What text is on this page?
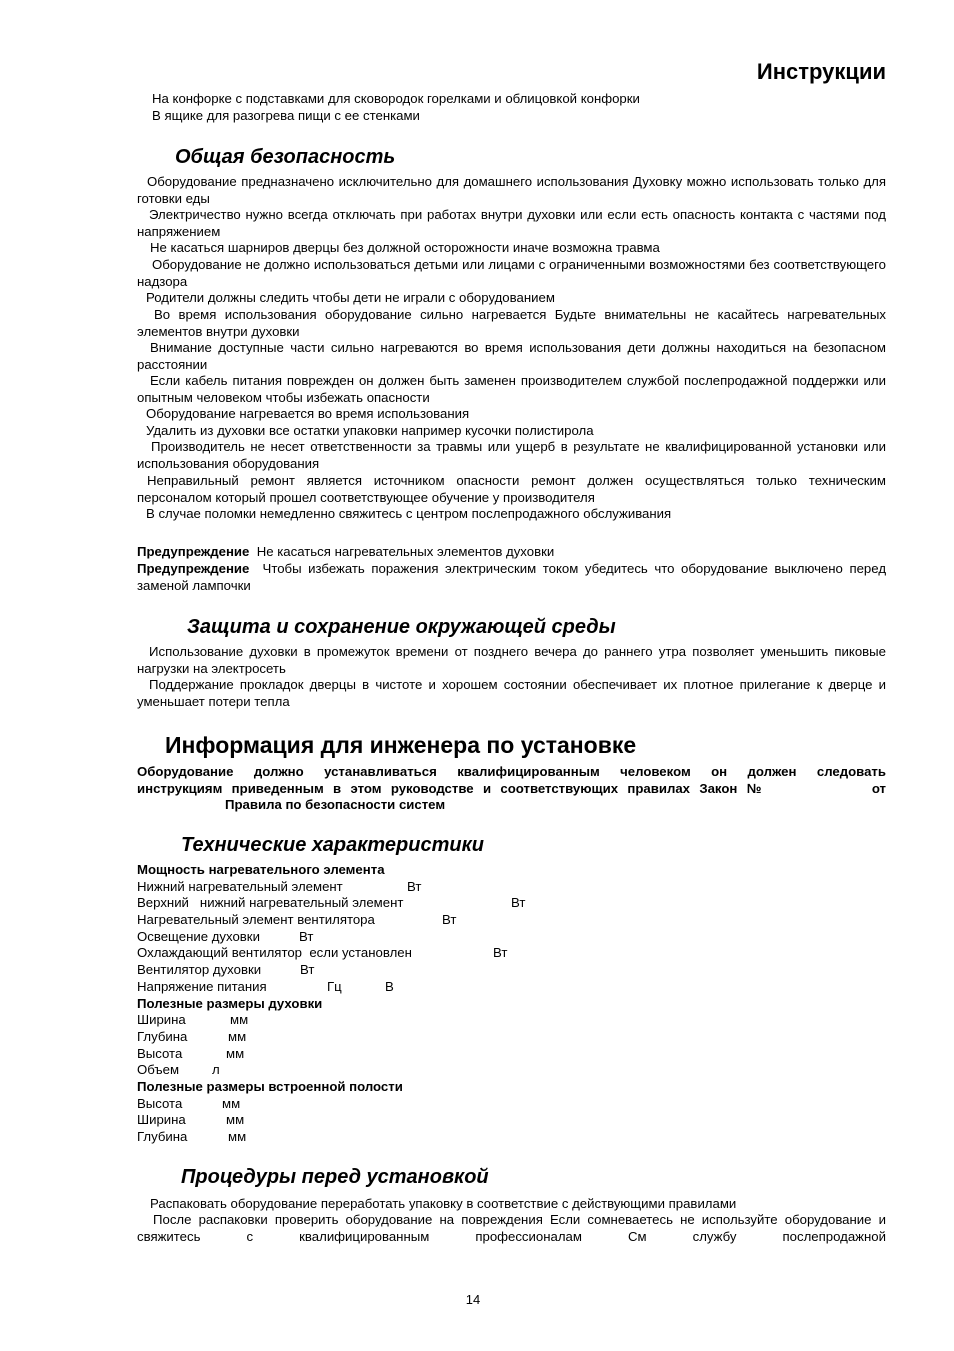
Инструкции

На конфорке с подставками для сковородок горелками и облицовкой конфорки

В ящике для разогрева пищи с ее стенками

Общая безопасность

Оборудование предназначено исключительно для домашнего использования Духовку можно использовать только для готовки еды

Электричество нужно всегда отключать при работах внутри духовки или если есть опасность контакта с частями под напряжением

Не касаться шарниров дверцы без должной осторожности иначе возможна травма

Оборудование не должно использоваться детьми или лицами с ограниченными возможностями без соответствующего надзора

Родители должны следить чтобы дети не играли с оборудованием

Во время использования оборудование сильно нагревается Будьте внимательны не касайтесь нагревательных элементов внутри духовки

Внимание доступные части сильно нагреваются во время использования дети должны находиться на безопасном расстоянии

Если кабель питания поврежден он должен быть заменен производителем службой послепродажной поддержки или опытным человеком чтобы избежать опасности

Оборудование нагревается во время использования

Удалить из духовки все остатки упаковки например кусочки полистирола

Производитель не несет ответственности за травмы или ущерб в результате не квалифицированной установки или использования оборудования

Неправильный ремонт является источником опасности ремонт должен осуществляться только техническим персоналом который прошел соответствующее обучение у производителя

В случае поломки немедленно свяжитесь с центром послепродажного обслуживания

Предупреждение Не касаться нагревательных элементов духовки

Предупреждение Чтобы избежать поражения электрическим током убедитесь что оборудование выключено перед заменой лампочки

Защита и сохранение окружающей среды

Использование духовки в промежуток времени от позднего вечера до раннего утра позволяет уменьшить пиковые нагрузки на электросеть

Поддержание прокладок дверцы в чистоте и хорошем состоянии обеспечивает их плотное прилегание к дверце и уменьшает потери тепла

Информация для инженера по установке
Оборудование должно устанавливаться квалифицированным человеком он должен следовать
инструкциям  приведенным  в  этом  руководстве  и  соответствующих  правилах  Закон  №	от
Правила по безопасности систем
Технические характеристики
Мощность нагревательного элемента
Нижний нагревательный элемент	Вт
Верхний   нижний нагревательный элемент	Вт
Нагревательный элемент вентилятора	Вт
Освещение духовки	Вт
Охлаждающий вентилятор  если установлен	Вт
Вентилятор духовки	Вт
Напряжение питания	Гц	В
Полезные размеры духовки
Ширина	мм
Глубина	мм
Высота	мм
Объем л
Полезные размеры встроенной полости
Высота	мм
Ширина	мм
Глубина	мм
Процедуры перед установкой

Распаковать оборудование переработать упаковку в соответствие с действующими правилами

После распаковки проверить оборудование на повреждения Если сомневаетесь не используйте оборудование и свяжитесь с квалифицированным профессионалам См службу послепродажной

14
